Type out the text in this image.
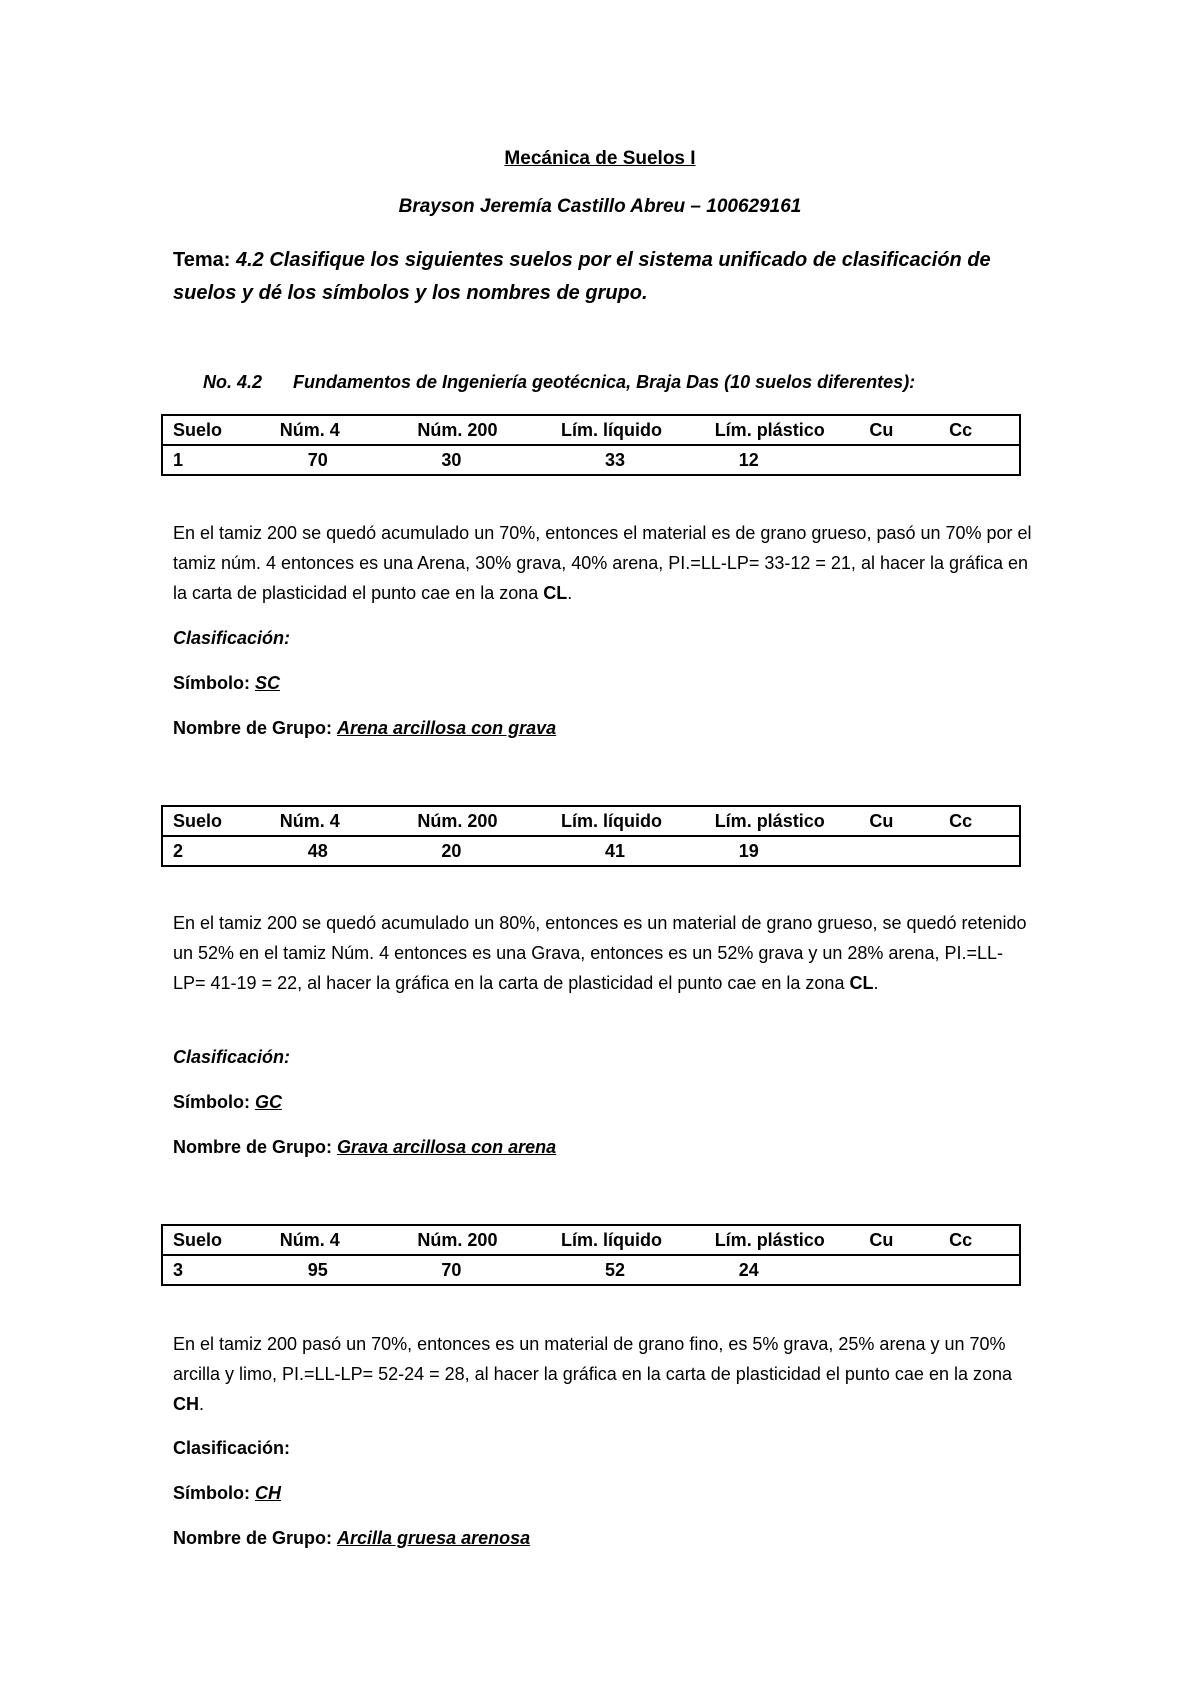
Mecánica de Suelos I
Brayson Jeremía Castillo Abreu – 100629161
Tema: 4.2 Clasifique los siguientes suelos por el sistema unificado de clasificación de suelos y dé los símbolos y los nombres de grupo.
No. 4.2 Fundamentos de Ingeniería geotécnica, Braja Das (10 suelos diferentes):
Suelo	Núm. 4	Núm. 200	Lím. líquido	Lím. plástico	Cu	Cc
1	70	30	33	12		
En el tamiz 200 se quedó acumulado un 70%, entonces el material es de grano grueso, pasó un 70% por el tamiz núm. 4 entonces es una Arena, 30% grava, 40% arena, PI.=LL-LP= 33-12 = 21, al hacer la gráfica en la carta de plasticidad el punto cae en la zona CL.
Clasificación:
Símbolo: SC
Nombre de Grupo: Arena arcillosa con grava
Suelo	Núm. 4	Núm. 200	Lím. líquido	Lím. plástico	Cu	Cc
2	48	20	41	19		
En el tamiz 200 se quedó acumulado un 80%, entonces es un material de grano grueso, se quedó retenido un 52% en el tamiz Núm. 4 entonces es una Grava, entonces es un 52% grava y un 28% arena, PI.=LL-LP= 41-19 = 22, al hacer la gráfica en la carta de plasticidad el punto cae en la zona CL.
Clasificación:
Símbolo: GC
Nombre de Grupo: Grava arcillosa con arena
Suelo	Núm. 4	Núm. 200	Lím. líquido	Lím. plástico	Cu	Cc
3	95	70	52	24		
En el tamiz 200 pasó un 70%, entonces es un material de grano fino, es 5% grava, 25% arena y un 70% arcilla y limo, PI.=LL-LP= 52-24 = 28, al hacer la gráfica en la carta de plasticidad el punto cae en la zona CH.
Clasificación:
Símbolo: CH
Nombre de Grupo: Arcilla gruesa arenosa
